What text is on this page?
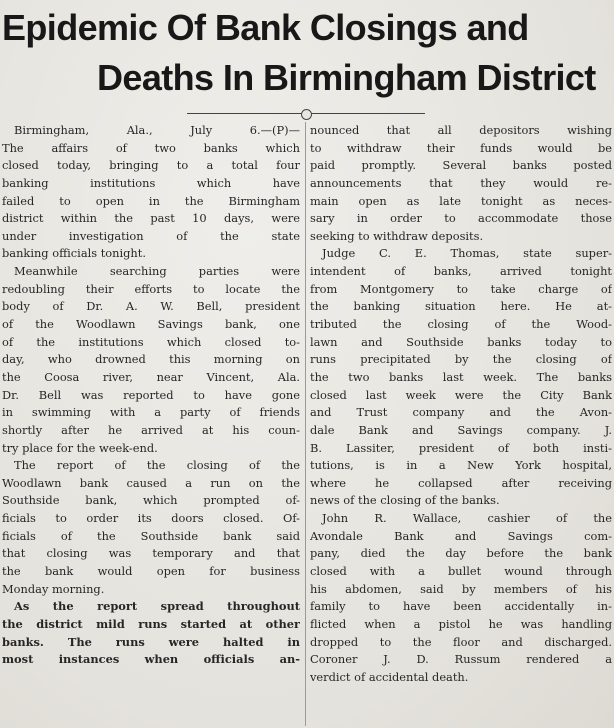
Epidemic Of Bank Closings and
Deaths In Birmingham District
Birmingham, Ala., July 6.—(P)—
The affairs of two banks which
closed today, bringing to a total four
banking institutions which have
failed to open in the Birmingham
district within the past 10 days, were
under investigation of the state
banking officials tonight.
Meanwhile searching parties were
redoubling their efforts to locate the
body of Dr. A. W. Bell, president
of the Woodlawn Savings bank, one
of the institutions which closed to-
day, who drowned this morning on
the Coosa river, near Vincent, Ala.
Dr. Bell was reported to have gone
in swimming with a party of friends
shortly after he arrived at his coun-
try place for the week-end.
The report of the closing of the
Woodlawn bank caused a run on the
Southside bank, which prompted of-
ficials to order its doors closed. Of-
ficials of the Southside bank said
that closing was temporary and that
the bank would open for business
Monday morning.
As the report spread throughout
the district mild runs started at other
banks. The runs were halted in
most instances when officials an-
nounced that all depositors wishing
to withdraw their funds would be
paid promptly. Several banks posted
announcements that they would re-
main open as late tonight as neces-
sary in order to accommodate those
seeking to withdraw deposits.
Judge C. E. Thomas, state super-
intendent of banks, arrived tonight
from Montgomery to take charge of
the banking situation here. He at-
tributed the closing of the Wood-
lawn and Southside banks today to
runs precipitated by the closing of
the two banks last week. The banks
closed last week were the City Bank
and Trust company and the Avon-
dale Bank and Savings company. J.
B. Lassiter, president of both insti-
tutions, is in a New York hospital,
where he collapsed after receiving
news of the closing of the banks.
John R. Wallace, cashier of the
Avondale Bank and Savings com-
pany, died the day before the bank
closed with a bullet wound through
his abdomen, said by members of his
family to have been accidentally in-
flicted when a pistol he was handling
dropped to the floor and discharged.
Coroner J. D. Russum rendered a
verdict of accidental death.
